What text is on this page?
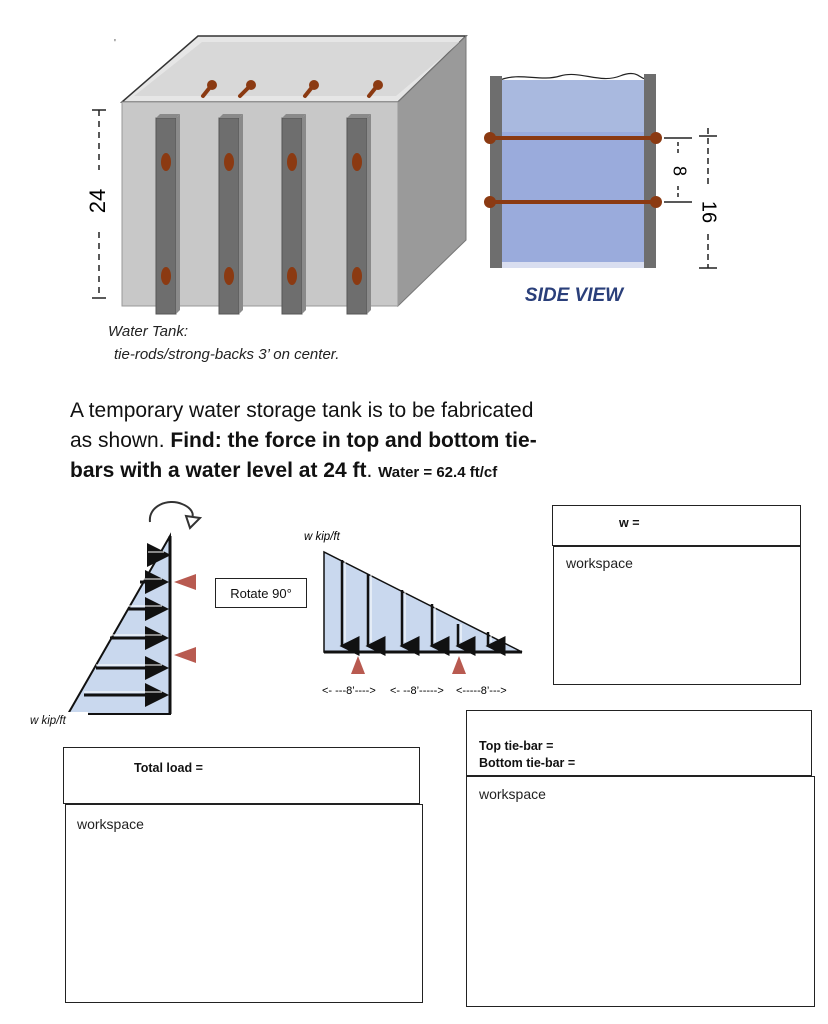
24
'
Water Tank:
tie-rods/strong-backs 3’ on center.
8
16
SIDE VIEW
A temporary water storage tank is to be fabricated
as shown. Find: the force in top and bottom tie-
bars with a water level at 24 ft. Water = 62.4 ft/cf
w kip/ft
Rotate 90°
w kip/ft
<- ---8’----> <- --8’-----> <-----8’--->
w =
workspace
Top tie-bar =
Bottom tie-bar =
workspace
Total load =
workspace
